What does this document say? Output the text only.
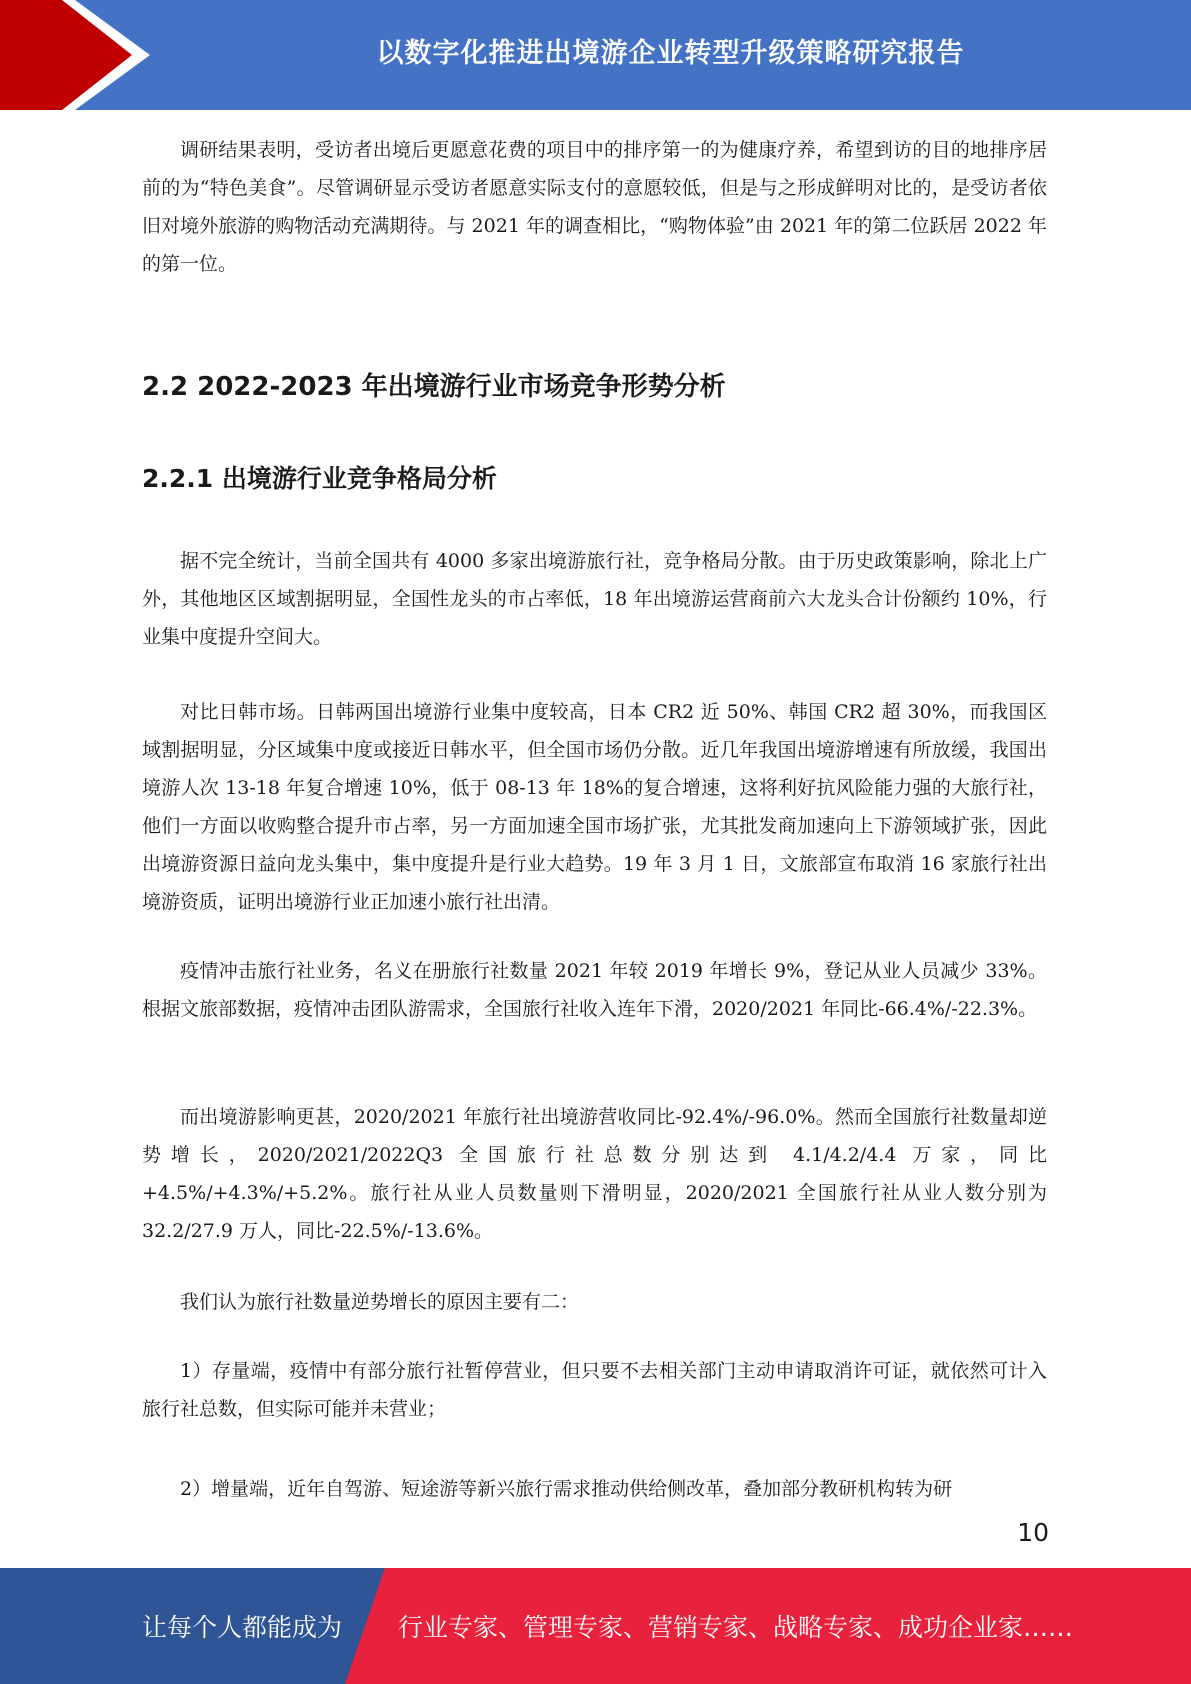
以数字化推进出境游企业转型升级策略研究报告

调研结果表明，受访者出境后更愿意花费的项目中的排序第一的为健康疗养，希望到访的目的地排序居前的为“特色美食”。尽管调研显示受访者愿意实际支付的意愿较低，但是与之形成鲜明对比的，是受访者依旧对境外旅游的购物活动充满期待。与 2021 年的调查相比，“购物体验”由 2021 年的第二位跃居 2022 年的第一位。

2.2 2022-2023 年出境游行业市场竞争形势分析
2.2.1 出境游行业竞争格局分析

据不完全统计，当前全国共有 4000 多家出境游旅行社，竞争格局分散。由于历史政策影响，除北上广外，其他地区区域割据明显，全国性龙头的市占率低，18 年出境游运营商前六大龙头合计份额约 10%，行业集中度提升空间大。

对比日韩市场。日韩两国出境游行业集中度较高，日本 CR2 近 50%、韩国 CR2 超 30%，而我国区域割据明显，分区域集中度或接近日韩水平，但全国市场仍分散。近几年我国出境游增速有所放缓，我国出境游人次 13-18 年复合增速 10%，低于 08-13 年 18%的复合增速，这将利好抗风险能力强的大旅行社，他们一方面以收购整合提升市占率，另一方面加速全国市场扩张，尤其批发商加速向上下游领域扩张，因此出境游资源日益向龙头集中，集中度提升是行业大趋势。19 年 3 月 1 日，文旅部宣布取消 16 家旅行社出境游资质，证明出境游行业正加速小旅行社出清。

疫情冲击旅行社业务，名义在册旅行社数量 2021 年较 2019 年增长 9%，登记从业人员减少 33%。根据文旅部数据，疫情冲击团队游需求，全国旅行社收入连年下滑，2020/2021 年同比-66.4%/-22.3%。

而出境游影响更甚，2020/2021 年旅行社出境游营收同比-92.4%/-96.0%。然而全国旅行社数量却逆势增长，2020/2021/2022Q3 全国旅行社总数分别达到 4.1/4.2/4.4 万家，同比+4.5%/+4.3%/+5.2%。旅行社从业人员数量则下滑明显，2020/2021 全国旅行社从业人数分别为 32.2/27.9 万人，同比-22.5%/-13.6%。

我们认为旅行社数量逆势增长的原因主要有二：

1）存量端，疫情中有部分旅行社暂停营业，但只要不去相关部门主动申请取消许可证，就依然可计入旅行社总数，但实际可能并未营业；

2）增量端，近年自驾游、短途游等新兴旅行需求推动供给侧改革，叠加部分教研机构转为研

10
让每个人都能成为 行业专家、管理专家、营销专家、战略专家、成功企业家……
